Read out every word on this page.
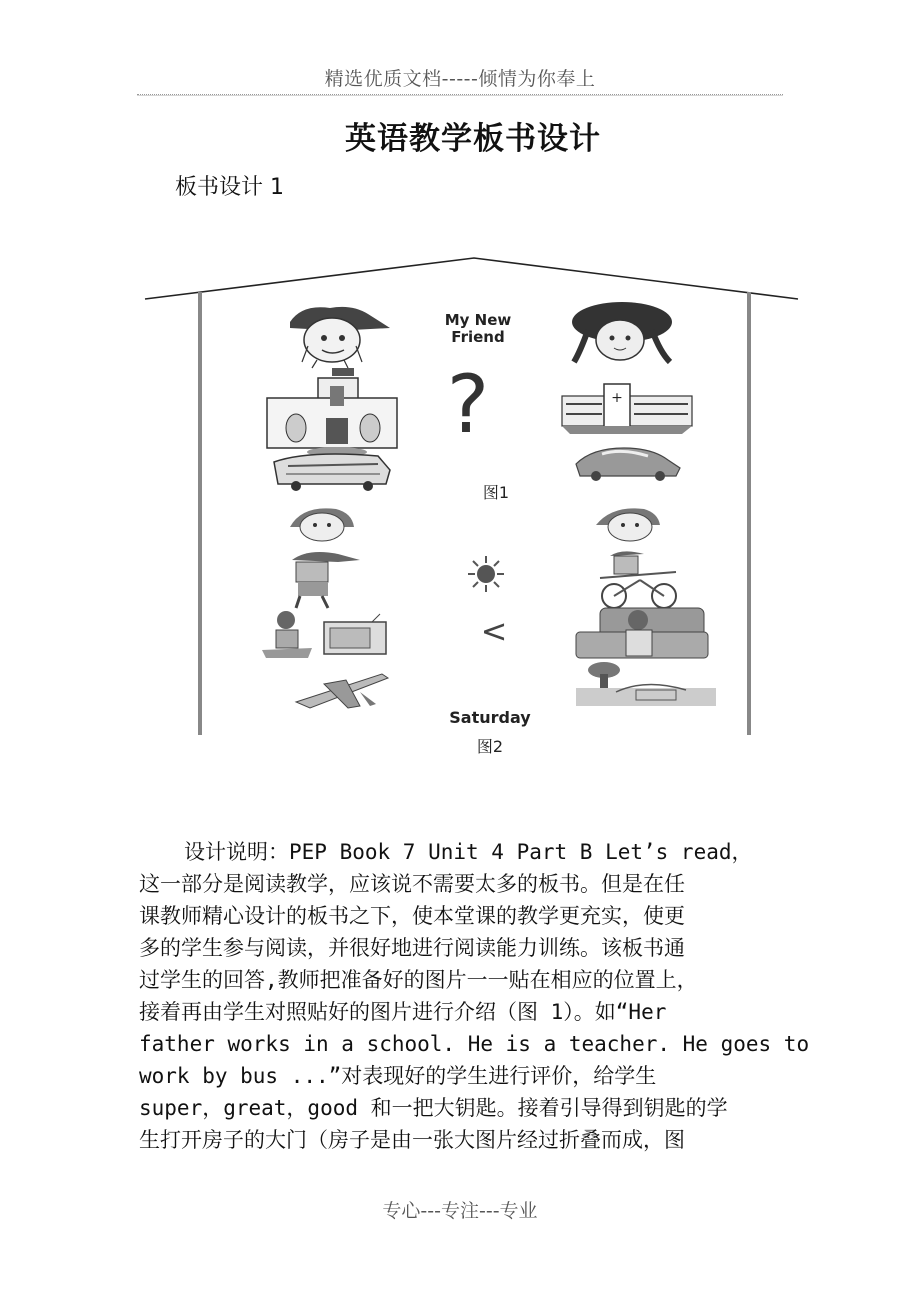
精选优质文档-----倾情为你奉上
英语教学板书设计
板书设计 1
?	+
<
My New
Friend
图1
Saturday
图2

　设计说明：PEP Book 7 Unit 4 Part B Let’s read，

这一部分是阅读教学，应该说不需要太多的板书。但是在任

课教师精心设计的板书之下，使本堂课的教学更充实，使更

多的学生参与阅读，并很好地进行阅读能力训练。该板书通

过学生的回答,教师把准备好的图片一一贴在相应的位置上，

接着再由学生对照贴好的图片进行介绍（图 1）。如“Her

father works in a school. He is a teacher. He goes to

work by bus ...”对表现好的学生进行评价，给学生

super，great，good 和一把大钥匙。接着引导得到钥匙的学

生打开房子的大门（房子是由一张大图片经过折叠而成，图

专心---专注---专业
